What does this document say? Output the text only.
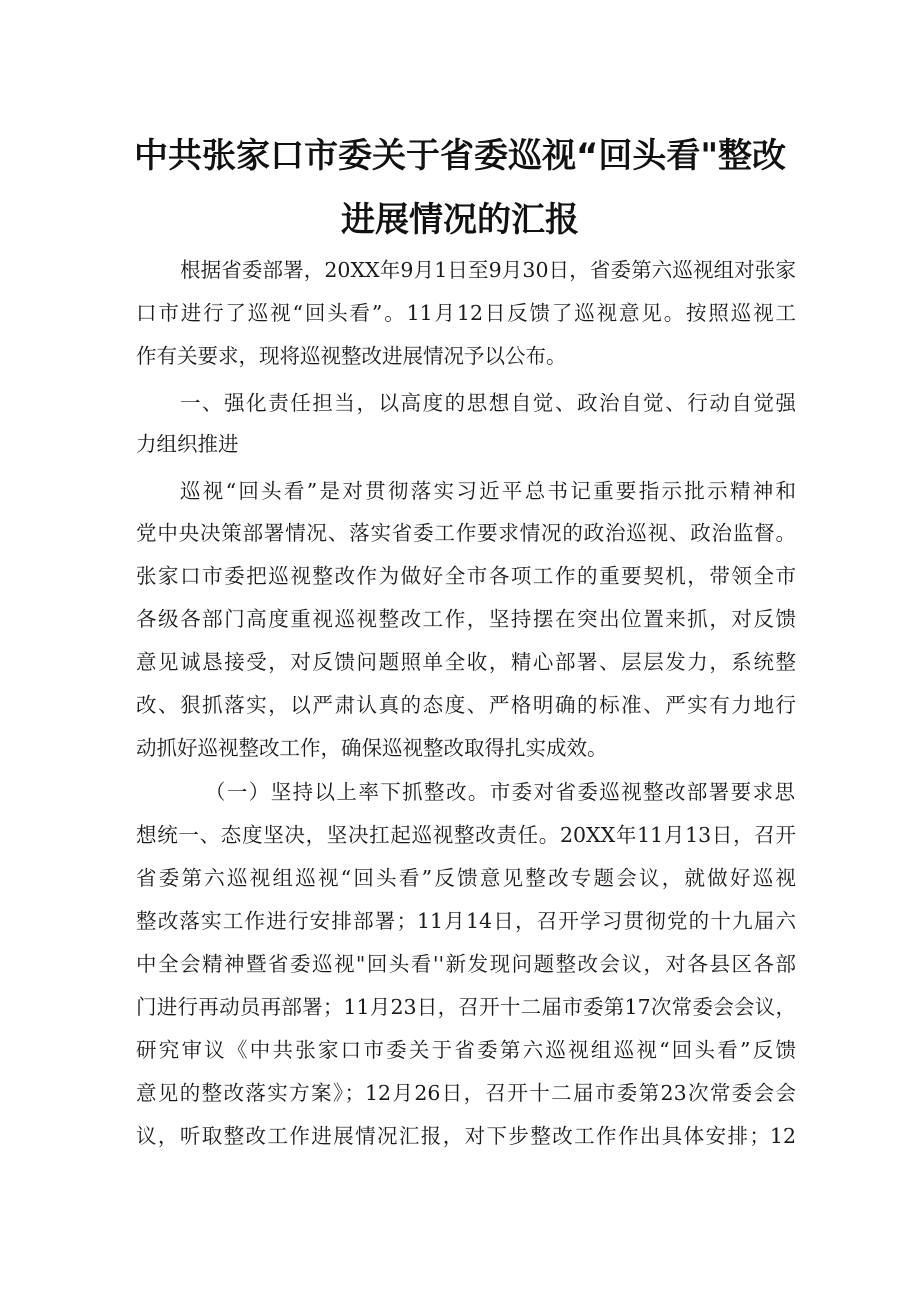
中共张家口市委关于省委巡视“回头看"整改
进展情况的汇报
根据省委部署，20XX年9月1日至9月30日，省委第六巡视组对张家
口市进行了巡视“回头看”。11月12日反馈了巡视意见。按照巡视工
作有关要求，现将巡视整改进展情况予以公布。
一、强化责任担当，以高度的思想自觉、政治自觉、行动自觉强
力组织推进
巡视“回头看”是对贯彻落实习近平总书记重要指示批示精神和
党中央决策部署情况、落实省委工作要求情况的政治巡视、政治监督。
张家口市委把巡视整改作为做好全市各项工作的重要契机，带领全市
各级各部门高度重视巡视整改工作，坚持摆在突出位置来抓，对反馈
意见诚恳接受，对反馈问题照单全收，精心部署、层层发力，系统整
改、狠抓落实，以严肃认真的态度、严格明确的标准、严实有力地行
动抓好巡视整改工作，确保巡视整改取得扎实成效。
（一）坚持以上率下抓整改。市委对省委巡视整改部署要求思
想统一、态度坚决，坚决扛起巡视整改责任。20XX年11月13日，召开
省委第六巡视组巡视“回头看”反馈意见整改专题会议，就做好巡视
整改落实工作进行安排部署；11月14日，召开学习贯彻党的十九届六
中全会精神暨省委巡视"回头看''新发现问题整改会议，对各县区各部
门进行再动员再部署；11月23日，召开十二届市委第17次常委会会议，
研究审议《中共张家口市委关于省委第六巡视组巡视“回头看”反馈
意见的整改落实方案》；12月26日，召开十二届市委第23次常委会会
议，听取整改工作进展情况汇报，对下步整改工作作出具体安排；12
